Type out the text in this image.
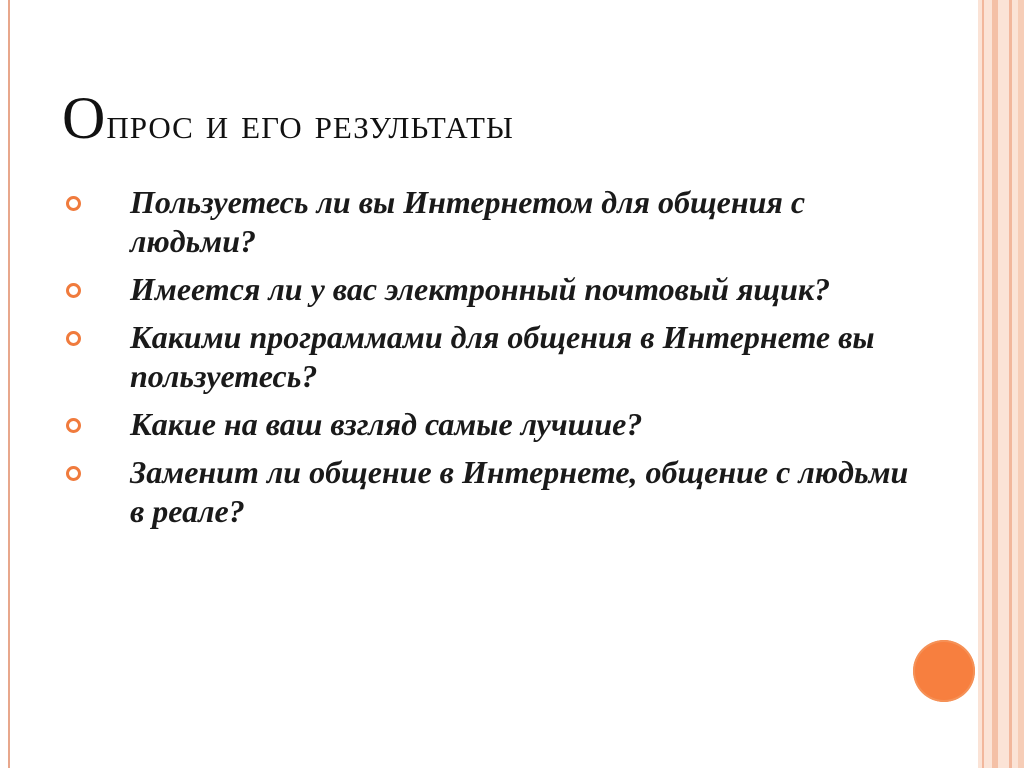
Опрос и его результаты
Пользуетесь ли вы Интернетом для общения с людьми?
Имеется ли у вас электронный почтовый ящик?
Какими программами для общения в Интернете вы пользуетесь?
Какие на ваш взгляд самые лучшие?
Заменит ли общение в Интернете, общение с людьми в реале?
